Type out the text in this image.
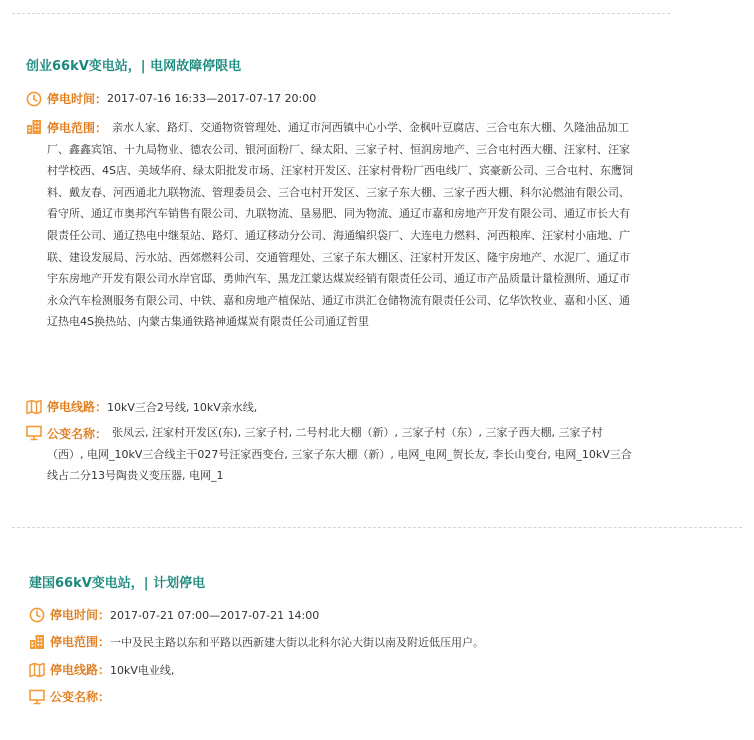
创业66kV变电站，| 电网故障停限电
停电时间： 2017-07-16 16:33—2017-07-17 20:00
停电范围： 亲水人家、路灯、交通物资管理处、通辽市河西镇中心小学、金枫叶豆腐店、三合屯东大棚、久隆油品加工厂、鑫鑫宾馆、十九局物业、德农公司、银河面粉厂、绿太阳、三家子村、恒润房地产、三合屯村西大棚、汪家村、汪家村学校西、4S店、美域华府、绿太阳批发市场、汪家村开发区、汪家村骨粉厂西电线厂、宾豪新公司、三合屯村、东鹰饲料、戴友春、河西通北九联物流、管理委员会、三合屯村开发区、三家子东大棚、三家子西大棚、科尔沁燃油有限公司、看守所、通辽市奥邦汽车销售有限公司、九联物流、垦易肥、同为物流、通辽市嘉和房地产开发有限公司、通辽市长大有限责任公司、通辽热电中继泵站、路灯、通辽移动分公司、海通编织袋厂、大连电力燃料、河西粮库、汪家村小庙地、广联、建设发展局、污水站、西郊燃料公司、交通管理处、三家子东大棚区、汪家村开发区、隆宇房地产、水泥厂、通辽市宇东房地产开发有限公司水岸官邸、勇帅汽车、黑龙江蒙达煤炭经销有限责任公司、通辽市产品质量计量检测所、通辽市永众汽车检测服务有限公司、中铁、嘉和房地产植保站、通辽市洪汇仓储物流有限责任公司、亿华饮牧业、嘉和小区、通辽热电4S换热站、内蒙古集通铁路神通煤炭有限责任公司通辽哲里
停电线路： 10kV三合2号线, 10kV亲水线,
公变名称： 张凤云, 汪家村开发区(东), 三家子村, 二号村北大棚（新）, 三家子村（东）, 三家子西大棚, 三家子村（西）, 电网_10kV三合线主干027号汪家西变台, 三家子东大棚（新）, 电网_电网_贺长友, 李长山变台, 电网_10kV三合线占二分13号陶贵义变压器, 电网_1
建国66kV变电站，| 计划停电
停电时间： 2017-07-21 07:00—2017-07-21 14:00
停电范围： 一中及民主路以东和平路以西新建大街以北科尔沁大街以南及附近低压用户。
停电线路： 10kV电业线,
公变名称：
